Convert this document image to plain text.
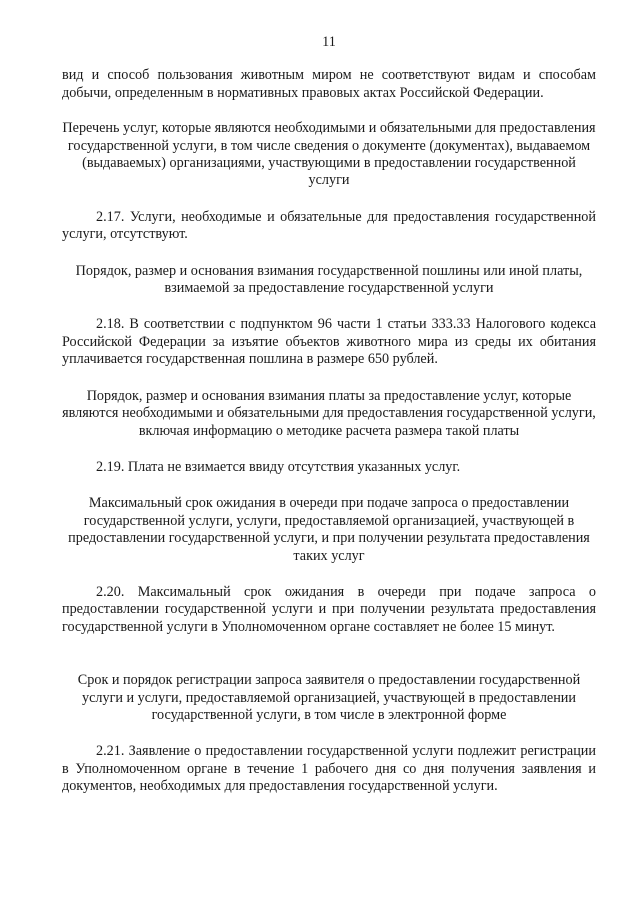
11

вид и способ пользования животным миром не соответствуют видам и способам добычи, определенным в нормативных правовых актах Российской Федерации.

Перечень услуг, которые являются необходимыми и обязательными для предоставления государственной услуги, в том числе сведения о документе (документах), выдаваемом (выдаваемых) организациями, участвующими в предоставлении государственной услуги

2.17. Услуги, необходимые и обязательные для предоставления государственной услуги, отсутствуют.

Порядок, размер и основания взимания государственной пошлины или иной платы, взимаемой за предоставление государственной услуги

2.18. В соответствии с подпунктом 96 части 1 статьи 333.33 Налогового кодекса Российской Федерации за изъятие объектов животного мира из среды их обитания уплачивается государственная пошлина в размере 650 рублей.

Порядок, размер и основания взимания платы за предоставление услуг, которые являются необходимыми и обязательными для предоставления государственной услуги, включая информацию о методике расчета размера такой платы

2.19. Плата не взимается ввиду отсутствия указанных услуг.

Максимальный срок ожидания в очереди при подаче запроса о предоставлении государственной услуги, услуги, предоставляемой организацией, участвующей в предоставлении государственной услуги, и при получении результата предоставления таких услуг

2.20. Максимальный срок ожидания в очереди при подаче запроса о предоставлении государственной услуги и при получении результата предоставления государственной услуги в Уполномоченном органе составляет не более 15 минут.

Срок и порядок регистрации запроса заявителя о предоставлении государственной услуги и услуги, предоставляемой организацией, участвующей в предоставлении государственной услуги, в том числе в электронной форме

2.21. Заявление о предоставлении государственной услуги подлежит регистрации в Уполномоченном органе в течение 1 рабочего дня со дня получения заявления и документов, необходимых для предоставления государственной услуги.
